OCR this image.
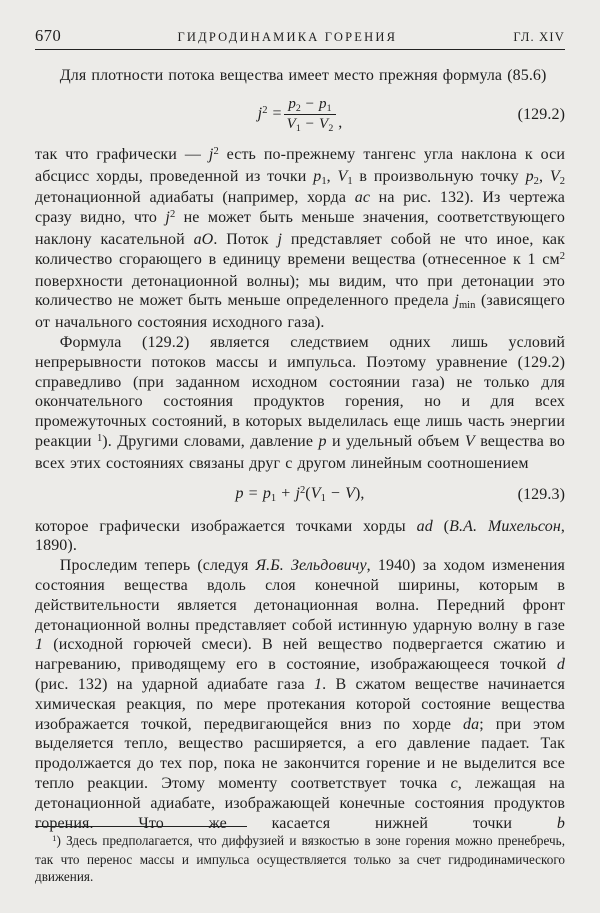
670	ГИДРОДИНАМИКА ГОРЕНИЯ	ГЛ. XIV

Для плотности потока вещества имеет место прежняя формула (85.6)

$j^2 = \frac{p2 - p1}{V1 - V2}$ ,	(129.2)

так что графически — $j^2$ есть по-прежнему тангенс угла наклона к оси абсцисс хорды, проведенной из точки p1, V1 в произвольную точку p2, V2 детонационной адиабаты (например, хорда ac на рис. 132). Из чертежа сразу видно, что $j^2$ не может быть меньше значения, соответствующего наклону касательной aO. Поток j представляет собой не что иное, как количество сгорающего в единицу времени вещества (отнесенное к 1 $см^2$ поверхности детонационной волны); мы видим, что при детонации это количество не может быть меньше определенного предела jmin (зависящего от начального состояния исходного газа).

Формула (129.2) является следствием одних лишь условий непрерывности потоков массы и импульса. Поэтому уравнение (129.2) справедливо (при заданном исходном состоянии газа) не только для окончательного состояния продуктов горения, но и для всех промежуточных состояний, в которых выделилась еще лишь часть энергии реакции $^1$). Другими словами, давление p и удельный объем V вещества во всех этих состояниях связаны друг с другом линейным соотношением

$p = p1 + j^2(V1 - V)$,	(129.3)

которое графически изображается точками хорды ad (В.А. Михельсон, 1890).

Проследим теперь (следуя Я.Б. Зельдовичу, 1940) за ходом изменения состояния вещества вдоль слоя конечной ширины, которым в действительности является детонационная волна. Передний фронт детонационной волны представляет собой истинную ударную волну в газе 1 (исходной горючей смеси). В ней вещество подвергается сжатию и нагреванию, приводящему его в состояние, изображающееся точкой d (рис. 132) на ударной адиабате газа 1. В сжатом веществе начинается химическая реакция, по мере протекания которой состояние вещества изображается точкой, передвигающейся вниз по хорде da; при этом выделяется тепло, вещество расширяется, а его давление падает. Так продолжается до тех пор, пока не закончится горение и не выделится все тепло реакции. Этому моменту соответствует точка c, лежащая на детонационной адиабате, изображающей конечные состояния продуктов горения. Что же касается нижней точки b

$^1$) Здесь предполагается, что диффузией и вязкостью в зоне горения можно пренебречь, так что перенос массы и импульса осуществляется только за счет гидродинамического движения.
